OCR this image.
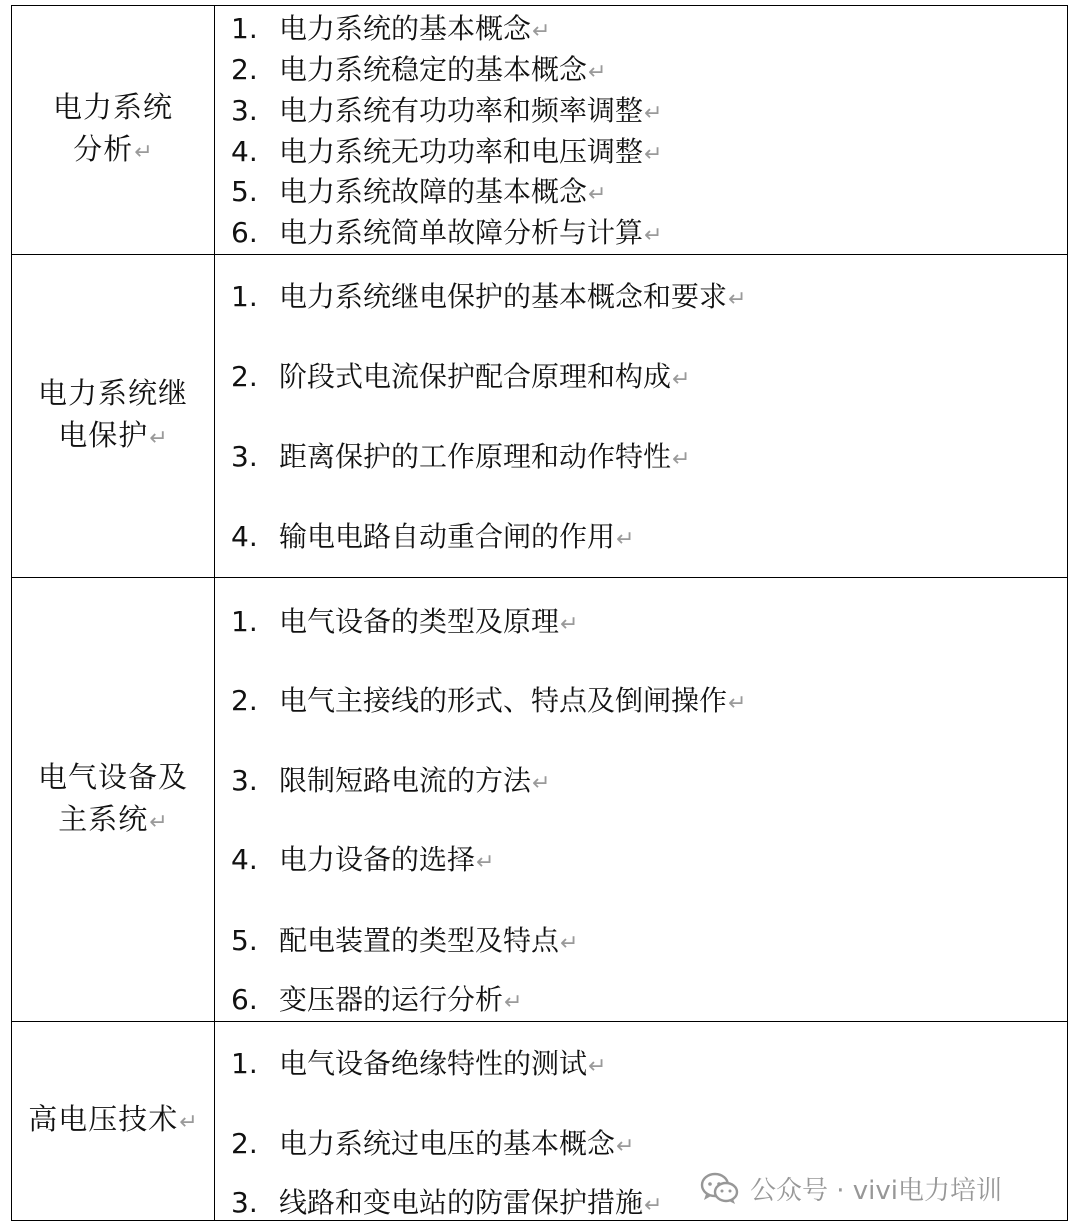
电力系统
分析↵
1. 电力系统的基本概念↵
2. 电力系统稳定的基本概念↵
3. 电力系统有功功率和频率调整↵
4. 电力系统无功功率和电压调整↵
5. 电力系统故障的基本概念↵
6. 电力系统简单故障分析与计算↵
电力系统继
电保护↵
1. 电力系统继电保护的基本概念和要求↵
2. 阶段式电流保护配合原理和构成↵
3. 距离保护的工作原理和动作特性↵
4. 输电电路自动重合闸的作用↵
电气设备及
主系统↵
1. 电气设备的类型及原理↵
2. 电气主接线的形式、特点及倒闸操作↵
3. 限制短路电流的方法↵
4. 电力设备的选择↵
5. 配电装置的类型及特点↵
6. 变压器的运行分析↵
高电压技术↵
1. 电气设备绝缘特性的测试↵
2. 电力系统过电压的基本概念↵
3. 线路和变电站的防雷保护措施↵	公众号 · vivi电力培训
